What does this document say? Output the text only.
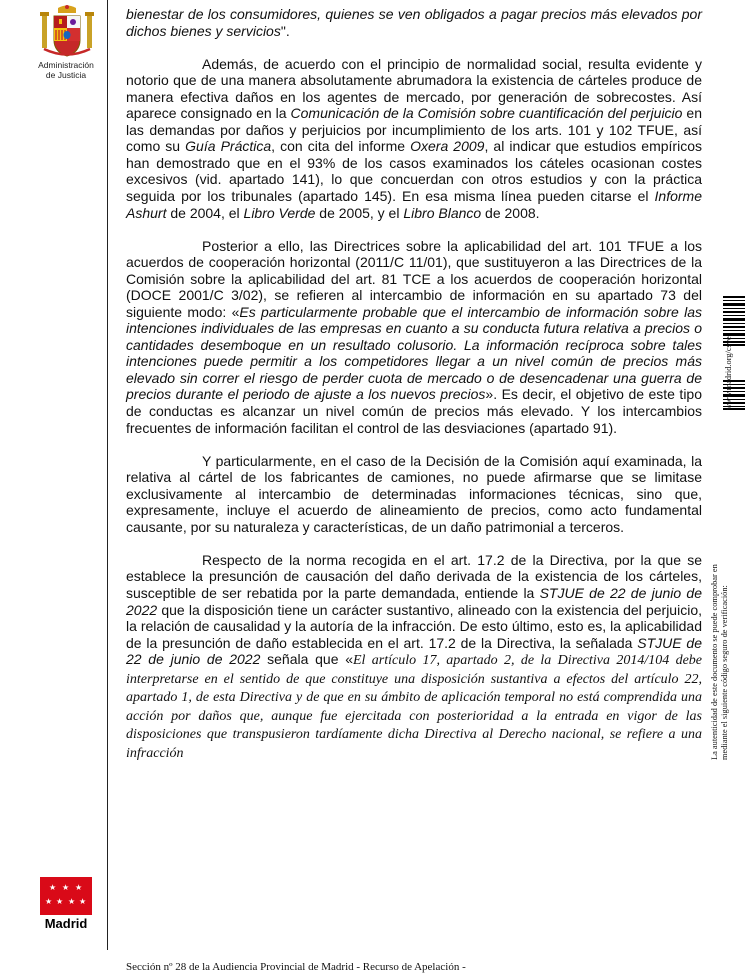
Administración
de Justicia
★ ★ ★
★ ★ ★ ★
Madrid

bienestar de los consumidores, quienes se ven obligados a pagar precios más elevados por dichos bienes y servicios".

Además, de acuerdo con el principio de normalidad social, resulta evidente y notorio que de una manera absolutamente abrumadora la existencia de cárteles produce de manera efectiva daños en los agentes de mercado, por generación de sobrecostes. Así aparece consignado en la Comunicación de la Comisión sobre cuantificación del perjuicio en las demandas por daños y perjuicios por incumplimiento de los arts. 101 y 102 TFUE, así como su Guía Práctica, con cita del informe Oxera 2009, al indicar que estudios empíricos han demostrado que en el 93% de los casos examinados los cáteles ocasionan costes excesivos (vid. apartado 141), lo que concuerdan con otros estudios y con la práctica seguida por los tribunales (apartado 145). En esa misma línea pueden citarse el Informe Ashurt de 2004, el Libro Verde de 2005, y el Libro Blanco de 2008.

Posterior a ello, las Directrices sobre la aplicabilidad del art. 101 TFUE a los acuerdos de cooperación horizontal (2011/C 11/01), que sustituyeron a las Directrices de la Comisión sobre la aplicabilidad del art. 81 TCE a los acuerdos de cooperación horizontal (DOCE 2001/C 3/02), se refieren al intercambio de información en su apartado 73 del siguiente modo: «Es particularmente probable que el intercambio de información sobre las intenciones individuales de las empresas en cuanto a su conducta futura relativa a precios o cantidades desemboque en un resultado colusorio. La información recíproca sobre tales intenciones puede permitir a los competidores llegar a un nivel común de precios más elevado sin correr el riesgo de perder cuota de mercado o de desencadenar una guerra de precios durante el periodo de ajuste a los nuevos precios». Es decir, el objetivo de este tipo de conductas es alcanzar un nivel común de precios más elevado. Y los intercambios frecuentes de información facilitan el control de las desviaciones (apartado 91).

Y particularmente, en el caso de la Decisión de la Comisión aquí examinada, la relativa al cártel de los fabricantes de camiones, no puede afirmarse que se limitase exclusivamente al intercambio de determinadas informaciones técnicas, sino que, expresamente, incluye el acuerdo de alineamiento de precios, como acto fundamental causante, por su naturaleza y características, de un daño patrimonial a terceros.

Respecto de la norma recogida en el art. 17.2 de la Directiva, por la que se establece la presunción de causación del daño derivada de la existencia de los cárteles, susceptible de ser rebatida por la parte demandada, entiende la STJUE de 22 de junio de 2022 que la disposición tiene un carácter sustantivo, alineado con la existencia del perjuicio, la relación de causalidad y la autoría de la infracción. De esto último, esto es, la aplicabilidad de la presunción de daño establecida en el art. 17.2 de la Directiva, la señalada STJUE de 22 de junio de 2022 señala que «El artículo 17, apartado 2, de la Directiva 2014/104 debe interpretarse en el sentido de que constituye una disposición sustantiva a efectos del artículo 22, apartado 1, de esta Directiva y de que en su ámbito de aplicación temporal no está comprendida una acción por daños que, aunque fue ejercitada con posterioridad a la entrada en vigor de las disposiciones que transpusieron tardíamente dicha Directiva al Derecho nacional, se refiere a una infracción

www.madrid.org/csve
La autenticidad de este documento se puede comprobar en mediante el siguiente código seguro de verificación:
Sección nº 28 de la Audiencia Provincial de Madrid - Recurso de Apelación -
